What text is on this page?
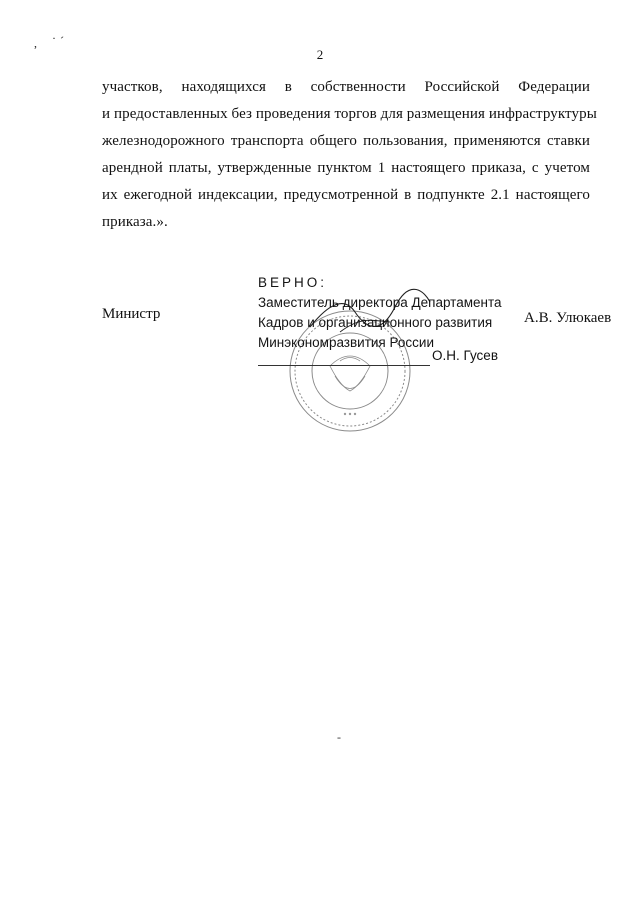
, · ´
2
участков, находящихся в собственности Российской Федерации
и предоставленных без проведения торгов для размещения инфраструктуры
железнодорожного транспорта общего пользования, применяются ставки
арендной платы, утвержденные пунктом 1 настоящего приказа, с учетом
их ежегодной индексации, предусмотренной в подпункте 2.1 настоящего
приказа.».
Министр	А.В. Улюкаев
ВЕРНО:
Заместитель директора Департамента
Кадров и организационного развития
Минэкономразвития России
О.Н. Гусев
-
